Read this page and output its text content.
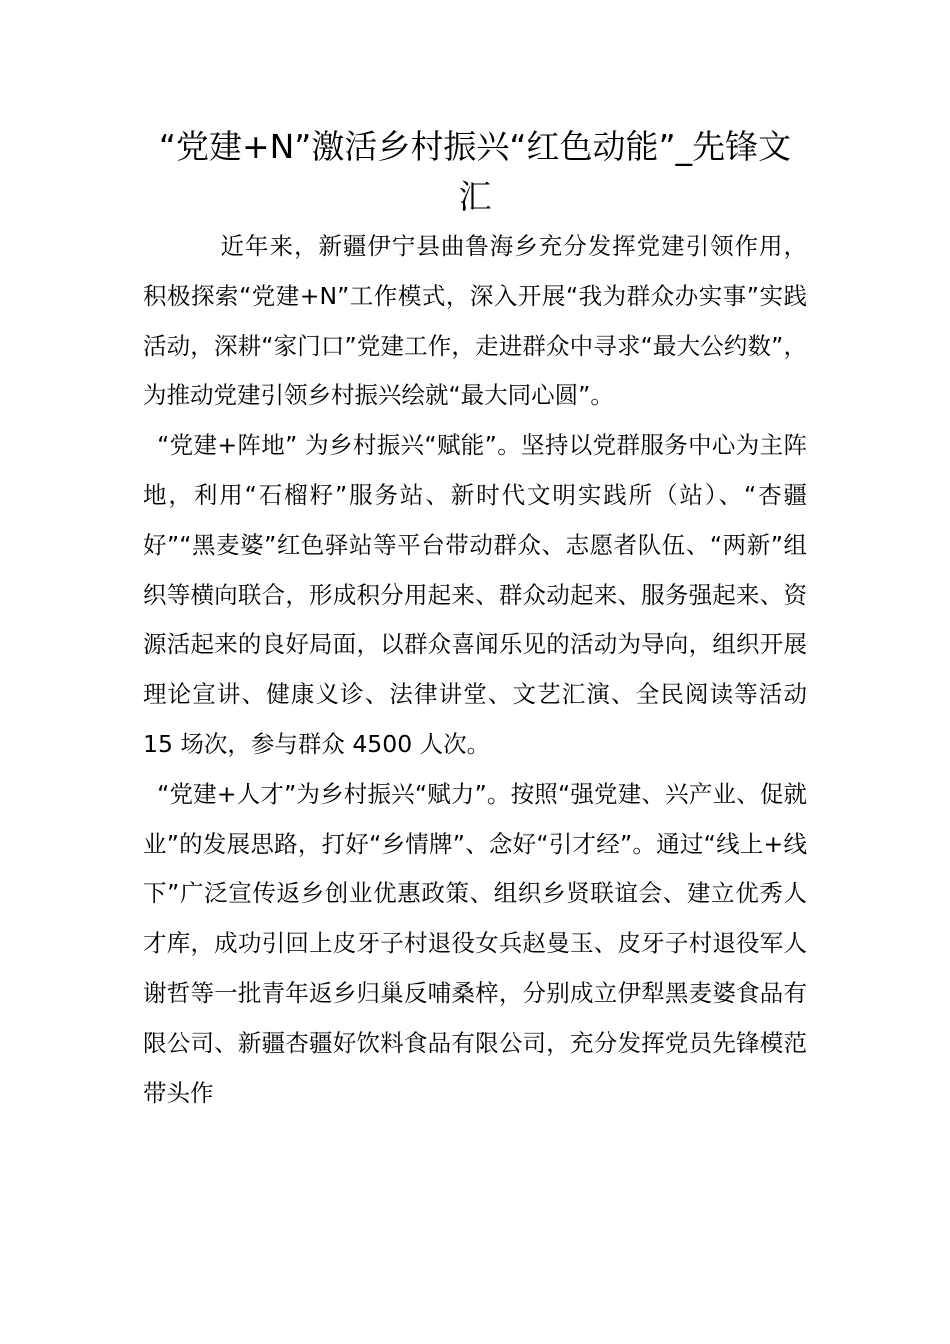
“党建+N”激活乡村振兴“红色动能”_先锋文汇

近年来，新疆伊宁县曲鲁海乡充分发挥党建引领作用，积极探索“党建+N”工作模式，深入开展“我为群众办实事”实践活动，深耕“家门口”党建工作，走进群众中寻求“最大公约数”，为推动党建引领乡村振兴绘就“最大同心圆”。

“党建+阵地” 为乡村振兴“赋能”。坚持以党群服务中心为主阵地，利用“石榴籽”服务站、新时代文明实践所（站）、“杏疆好”“黑麦婆”红色驿站等平台带动群众、志愿者队伍、“两新”组织等横向联合，形成积分用起来、群众动起来、服务强起来、资源活起来的良好局面，以群众喜闻乐见的活动为导向，组织开展理论宣讲、健康义诊、法律讲堂、文艺汇演、全民阅读等活动 15 场次，参与群众 4500 人次。

“党建+人才”为乡村振兴“赋力”。按照“强党建、兴产业、促就业”的发展思路，打好“乡情牌”、念好“引才经”。通过“线上+线下”广泛宣传返乡创业优惠政策、组织乡贤联谊会、建立优秀人才库，成功引回上皮牙子村退役女兵赵曼玉、皮牙子村退役军人谢哲等一批青年返乡归巢反哺桑梓，分别成立伊犁黑麦婆食品有限公司、新疆杏疆好饮料食品有限公司，充分发挥党员先锋模范带头作
